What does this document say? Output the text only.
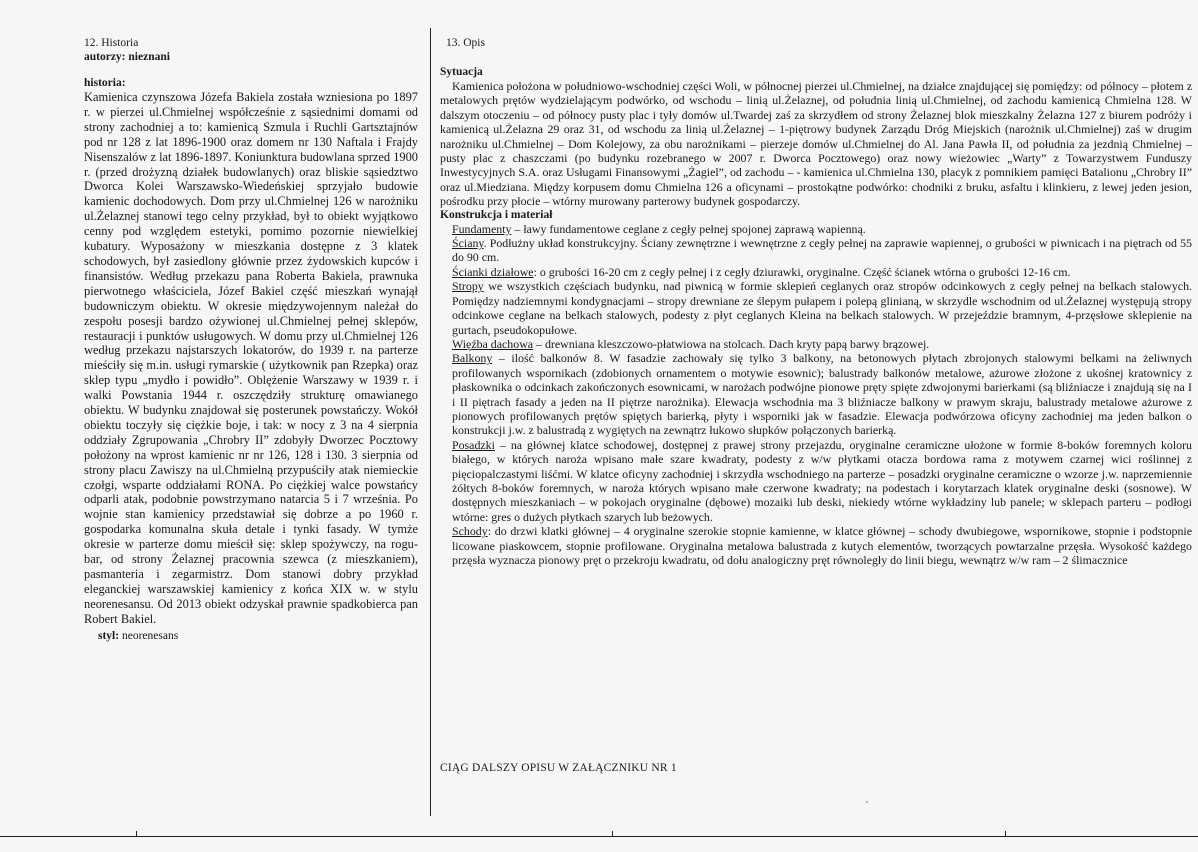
12. Historia
autorzy: nieznani
historia:
Kamienica czynszowa Józefa Bakiela została wzniesiona po 1897 r. w pierzei ul.Chmielnej współcześnie z sąsiednimi domami od strony zachodniej a to: kamienicą Szmula i Ruchli Gartsztajnów pod nr 128 z lat 1896-1900 oraz domem nr 130 Naftala i Frajdy Nisenszalów z lat 1896-1897. Koniunktura budowlana sprzed 1900 r. (przed drożyzną działek budowlanych) oraz bliskie sąsiedztwo Dworca Kolei Warszawsko-Wiedeńskiej sprzyjało budowie kamienic dochodowych. Dom przy ul.Chmielnej 126 w narożniku ul.Żelaznej stanowi tego celny przykład, był to obiekt wyjątkowo cenny pod względem estetyki, pomimo pozornie niewielkiej kubatury. Wyposażony w mieszkania dostępne z 3 klatek schodowych, był zasiedlony głównie przez żydowskich kupców i finansistów. Według przekazu pana Roberta Bakiela, prawnuka pierwotnego właściciela, Józef Bakiel część mieszkań wynajął budowniczym obiektu. W okresie międzywojennym należał do zespołu posesji bardzo ożywionej ul.Chmielnej pełnej sklepów, restauracji i punktów usługowych. W domu przy ul.Chmielnej 126 według przekazu najstarszych lokatorów, do 1939 r. na parterze mieściły się m.in. usługi rymarskie ( użytkownik pan Rzepka) oraz sklep typu „mydło i powidło”. Oblężenie Warszawy w 1939 r. i walki Powstania 1944 r. oszczędziły strukturę omawianego obiektu. W budynku znajdował się posterunek powstańczy. Wokół obiektu toczyły się ciężkie boje, i tak: w nocy z 3 na 4 sierpnia oddziały Zgrupowania „Chrobry II” zdobyły Dworzec Pocztowy położony na wprost kamienic nr nr 126, 128 i 130. 3 sierpnia od strony placu Zawiszy na ul.Chmielną przypuściły atak niemieckie czołgi, wsparte oddziałami RONA. Po ciężkiej walce powstańcy odparli atak, podobnie powstrzymano natarcia 5 i 7 września. Po wojnie stan kamienicy przedstawiał się dobrze a po 1960 r. gospodarka komunalna skuła detale i tynki fasady. W tymże okresie w parterze domu mieścił się: sklep spożywczy, na rogu-bar, od strony Żelaznej pracownia szewca (z mieszkaniem), pasmanteria i zegarmistrz. Dom stanowi dobry przykład eleganckiej warszawskiej kamienicy z końca XIX w. w stylu neorenesansu. Od 2013 obiekt odzyskał prawnie spadkobierca pan Robert Bakiel.
styl: neorenesans
13. Opis
Sytuacja

Kamienica położona w południowo-wschodniej części Woli, w północnej pierzei ul.Chmielnej, na działce znajdującej się pomiędzy: od północy – płotem z metalowych prętów wydzielającym podwórko, od wschodu – linią ul.Żelaznej, od południa linią ul.Chmielnej, od zachodu kamienicą Chmielna 128. W dalszym otoczeniu – od północy pusty plac i tyły domów ul.Twardej zaś za skrzydłem od strony Żelaznej blok mieszkalny Żelazna 127 z biurem podróży i kamienicą ul.Żelazna 29 oraz 31, od wschodu za linią ul.Żelaznej – 1-piętrowy budynek Zarządu Dróg Miejskich (narożnik ul.Chmielnej) zaś w drugim narożniku ul.Chmielnej – Dom Kolejowy, za obu narożnikami – pierzeje domów ul.Chmielnej do Al. Jana Pawła II, od południa za jezdnią Chmielnej – pusty plac z chaszczami (po budynku rozebranego w 2007 r. Dworca Pocztowego) oraz nowy wieżowiec „Warty” z Towarzystwem Funduszy Inwestycyjnych S.A. oraz Usługami Finansowymi „Żagiel”, od zachodu – - kamienica ul.Chmielna 130, placyk z pomnikiem pamięci Batalionu „Chrobry II” oraz ul.Miedziana. Między korpusem domu Chmielna 126 a oficynami – prostokątne podwórko: chodniki z bruku, asfaltu i klinkieru, z lewej jeden jesion, pośrodku przy płocie – wtórny murowany parterowy budynek gospodarczy.

Konstrukcja i materiał

Fundamenty – ławy fundamentowe ceglane z cegły pełnej spojonej zaprawą wapienną.

Ściany. Podłużny układ konstrukcyjny. Ściany zewnętrzne i wewnętrzne z cegły pełnej na zaprawie wapiennej, o grubości w piwnicach i na piętrach od 55 do 90 cm.

Ścianki działowe: o grubości 16-20 cm z cegły pełnej i z cegły dziurawki, oryginalne. Część ścianek wtórna o grubości 12-16 cm.

Stropy we wszystkich częściach budynku, nad piwnicą w formie sklepień ceglanych oraz stropów odcinkowych z cegły pełnej na belkach stalowych. Pomiędzy nadziemnymi kondygnacjami – stropy drewniane ze ślepym pułapem i polepą glinianą, w skrzydle wschodnim od ul.Żelaznej występują stropy odcinkowe ceglane na belkach stalowych, podesty z płyt ceglanych Kleina na belkach stalowych. W przejeździe bramnym, 4-przęsłowe sklepienie na gurtach, pseudokopułowe.

Więźba dachowa – drewniana kleszczowo-płatwiowa na stolcach. Dach kryty papą barwy brązowej.

Balkony – ilość balkonów 8. W fasadzie zachowały się tylko 3 balkony, na betonowych płytach zbrojonych stalowymi belkami na żeliwnych profilowanych wspornikach (zdobionych ornamentem o motywie esownic); balustrady balkonów metalowe, ażurowe złożone z ukośnej kratownicy z płaskownika o odcinkach zakończonych esownicami, w narożach podwójne pionowe pręty spięte zdwojonymi barierkami (są bliźniacze i znajdują się na I i II piętrach fasady a jeden na II piętrze narożnika). Elewacja wschodnia ma 3 bliźniacze balkony w prawym skraju, balustrady metalowe ażurowe z pionowych profilowanych prętów spiętych barierką, płyty i wsporniki jak w fasadzie. Elewacja podwórzowa oficyny zachodniej ma jeden balkon o konstrukcji j.w. z balustradą z wygiętych na zewnątrz łukowo słupków połączonych barierką.

Posadzki – na głównej klatce schodowej, dostępnej z prawej strony przejazdu, oryginalne ceramiczne ułożone w formie 8-boków foremnych koloru białego, w których naroża wpisano małe szare kwadraty, podesty z w/w płytkami otacza bordowa rama z motywem czarnej wici roślinnej z pięciopalczastymi liśćmi. W klatce oficyny zachodniej i skrzydła wschodniego na parterze – posadzki oryginalne ceramiczne o wzorze j.w. naprzemiennie żółtych 8-boków foremnych, w naroża których wpisano małe czerwone kwadraty; na podestach i korytarzach klatek oryginalne deski (sosnowe). W dostępnych mieszkaniach – w pokojach oryginalne (dębowe) mozaiki lub deski, niekiedy wtórne wykładziny lub panele; w sklepach parteru – podłogi wtórne: gres o dużych płytkach szarych lub beżowych.

Schody: do drzwi klatki głównej – 4 oryginalne szerokie stopnie kamienne, w klatce głównej – schody dwubiegowe, wspornikowe, stopnie i podstopnie licowane piaskowcem, stopnie profilowane. Oryginalna metalowa balustrada z kutych elementów, tworzących powtarzalne przęsła. Wysokość każdego przęsła wyznacza pionowy pręt o przekroju kwadratu, od dołu analogiczny pręt równoległy do linii biegu, wewnątrz w/w ram – 2 ślimacznice

CIĄG DALSZY OPISU W ZAŁĄCZNIKU NR 1
'
